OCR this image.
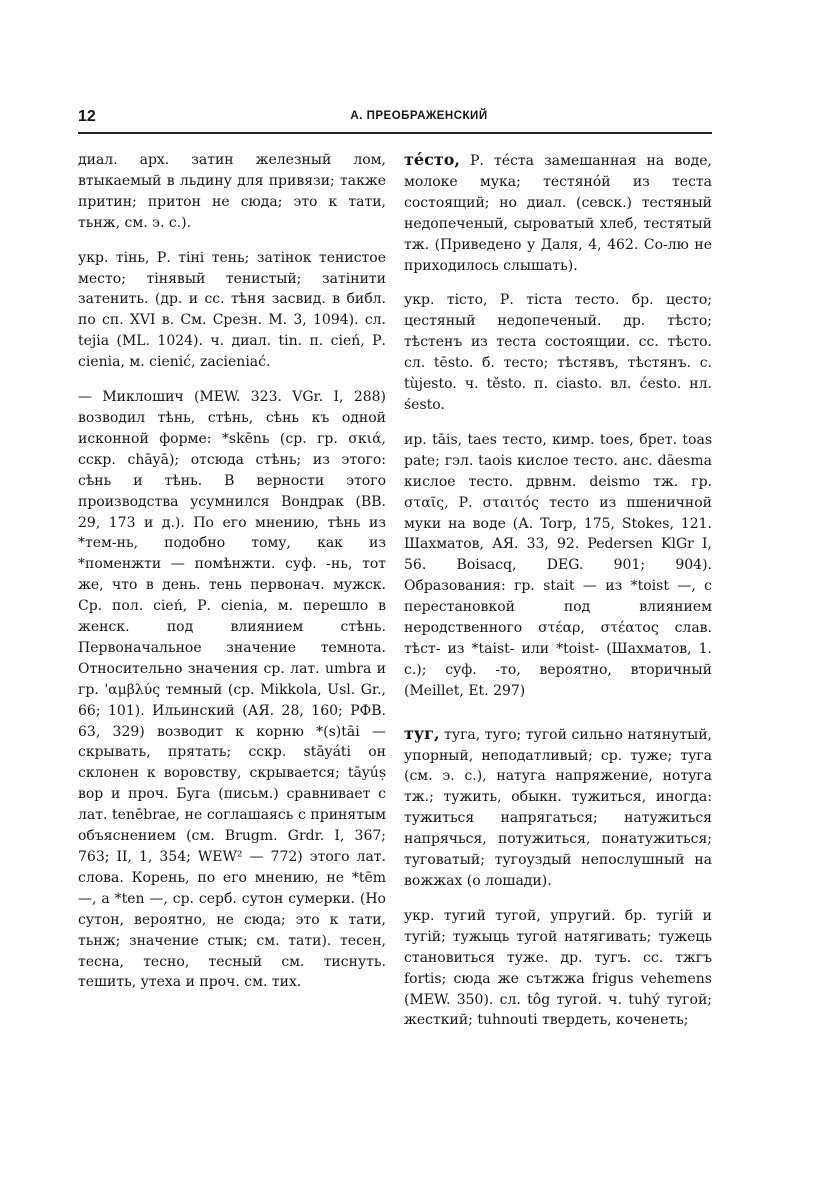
12	А. ПРЕОБРАЖЕНСКИЙ

диал. арх. затин железный лом, втыкаемый в льдину для привязи; также притин; притон не сюда; это к тати, тьнж, см. э. с.).

укр. тінь, Р. тіні тень; затінок тенистое место; тінявый тенистый; затінити затенить. (др. и сс. тѣня засвид. в библ. по сп. XVI в. См. Срезн. М. 3, 1094). сл. tejia (ML. 1024). ч. диал. tin. п. cień, Р. cienia, м. cienić, zacieniać.

— Миклошич (MEW. 323. VGr. I, 288) возводил тѣнь, стѣнь, сѣнь къ одной исконной форме: *skēnь (ср. гр. σκιά, сскр. chāyā); отсюда стѣнь; из этого: сѣнь и тѣнь. В верности этого производства усумнился Вондрак (BB. 29, 173 и д.). По его мнению, тѣнь из *тем-нь, подобно тому, как из *поменжти — помѣнжти. суф. -нь, тот же, что в день. тень первонач. мужск. Ср. пол. cień, Р. cienia, м. перешло в женск. под влиянием стѣнь. Первоначальное значение темнота. Относительно значения ср. лат. umbra и гр. 'αμβλύς темный (ср. Mikkola, Usl. Gr., 66; 101). Ильинский (АЯ. 28, 160; РФВ. 63, 329) возводит к корню *(s)tāi — скрывать, прятать; сскр. stāyáti он склонен к воровству, скрывается; tāyúṣ вор и проч. Буга (письм.) сравнивает с лат. tenēbrae, не соглашаясь с принятым объяснением (см. Brugm. Grdr. I, 367; 763; II, 1, 354; WEW² — 772) этого лат. слова. Корень, по его мнению, не *tēm —, а *ten —, ср. серб. сутон сумерки. (Но сутон, вероятно, не сюда; это к тати, тьнж; значение стык; см. тати). тесен, тесна, тесно, тесный см. тиснуть. тешить, утеха и проч. см. тих.

тéсто, Р. тéста замешанная на воде, молоке мука; тестянóй из теста состоящий; но диал. (севск.) тестяный недопеченый, сыроватый хлеб, тестятый тж. (Приведено у Даля, 4, 462. Со-лю не приходилось слышать).

укр. тісто, Р. тіста тесто. бр. цесто; цестяный недопеченый. др. тѣсто; тѣстенъ из теста состоящии. сс. тѣсто. сл. tēsto. б. тесто; тѣстявъ, тѣстянъ. с. tùjesto. ч. těsto. п. ciasto. вл. ćesto. нл. śesto.

ир. tāis, taes тесто, кимр. toes, брет. toas pate; гэл. taois кислое тесто. анс. dāesma кислое тесто. дрвнм. deismo тж. гр. σταῖς, Р. σταιτός тесто из пшеничной муки на воде (А. Torp, 175, Stokes, 121. Шахматов, АЯ. 33, 92. Pedersen KlGr I, 56. Boisacq, DEG. 901; 904). Образования: гр. stait — из *toist —, с перестановкой под влиянием неродственного στέαρ, στέατος слав. тѣст- из *taist- или *toist- (Шахматов, 1. с.); суф. -то, вероятно, вторичный (Meillet, Et. 297)

туг, туга, туго; тугой сильно натянутый, упорный, неподатливый; ср. туже; туга (см. э. с.), натуга напряжение, нотуга тж.; тужить, обыкн. тужиться, иногда: тужиться напрягаться; натужиться напрячься, потужиться, понатужиться; туговатый; тугоуздый непослушный на вожжах (о лошади).

укр. тугий тугой, упругий. бр. тугій и тугій; тужыць тугой натягивать; тужець становиться туже. др. тугъ. сс. тжгъ fortis; сюда же сътжжа frigus vehemens (MEW. 350). сл. tôg тугой. ч. tuhý тугой; жесткий; tuhnouti твердеть, коченеть;
